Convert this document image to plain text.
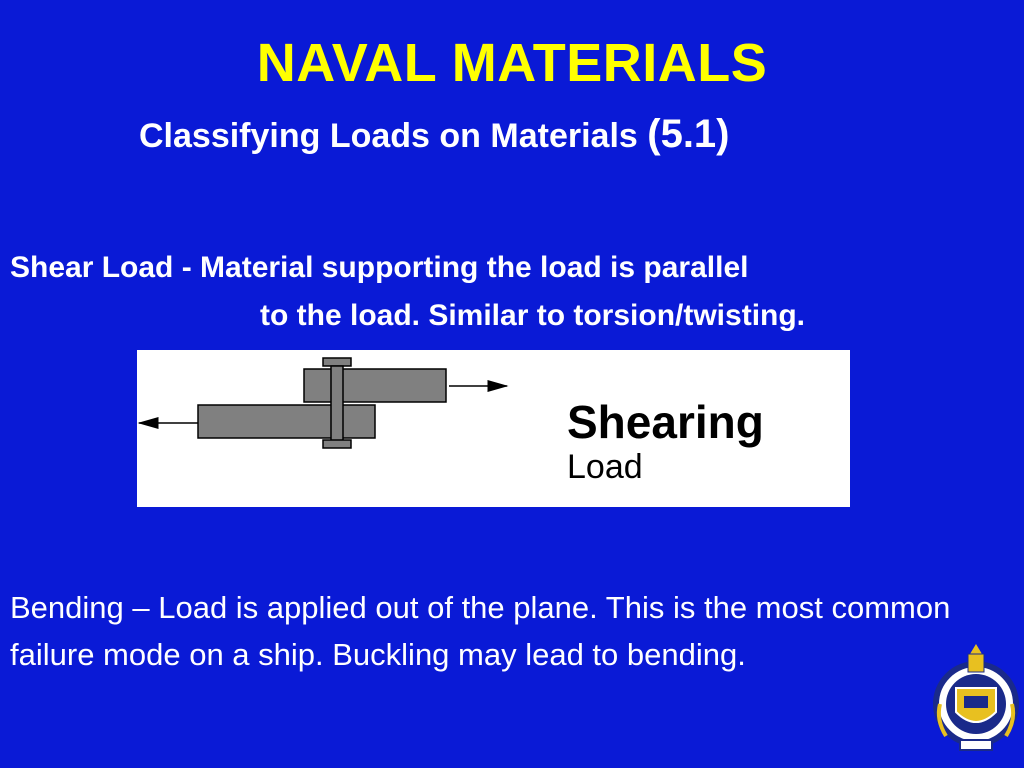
NAVAL MATERIALS
Classifying Loads on Materials (5.1)
Shear Load - Material supporting the load is parallel
to the load. Similar to torsion/twisting.
Shearing
Load
Bending – Load is applied out of the plane. This is the most common failure mode on a ship. Buckling may lead to bending.
